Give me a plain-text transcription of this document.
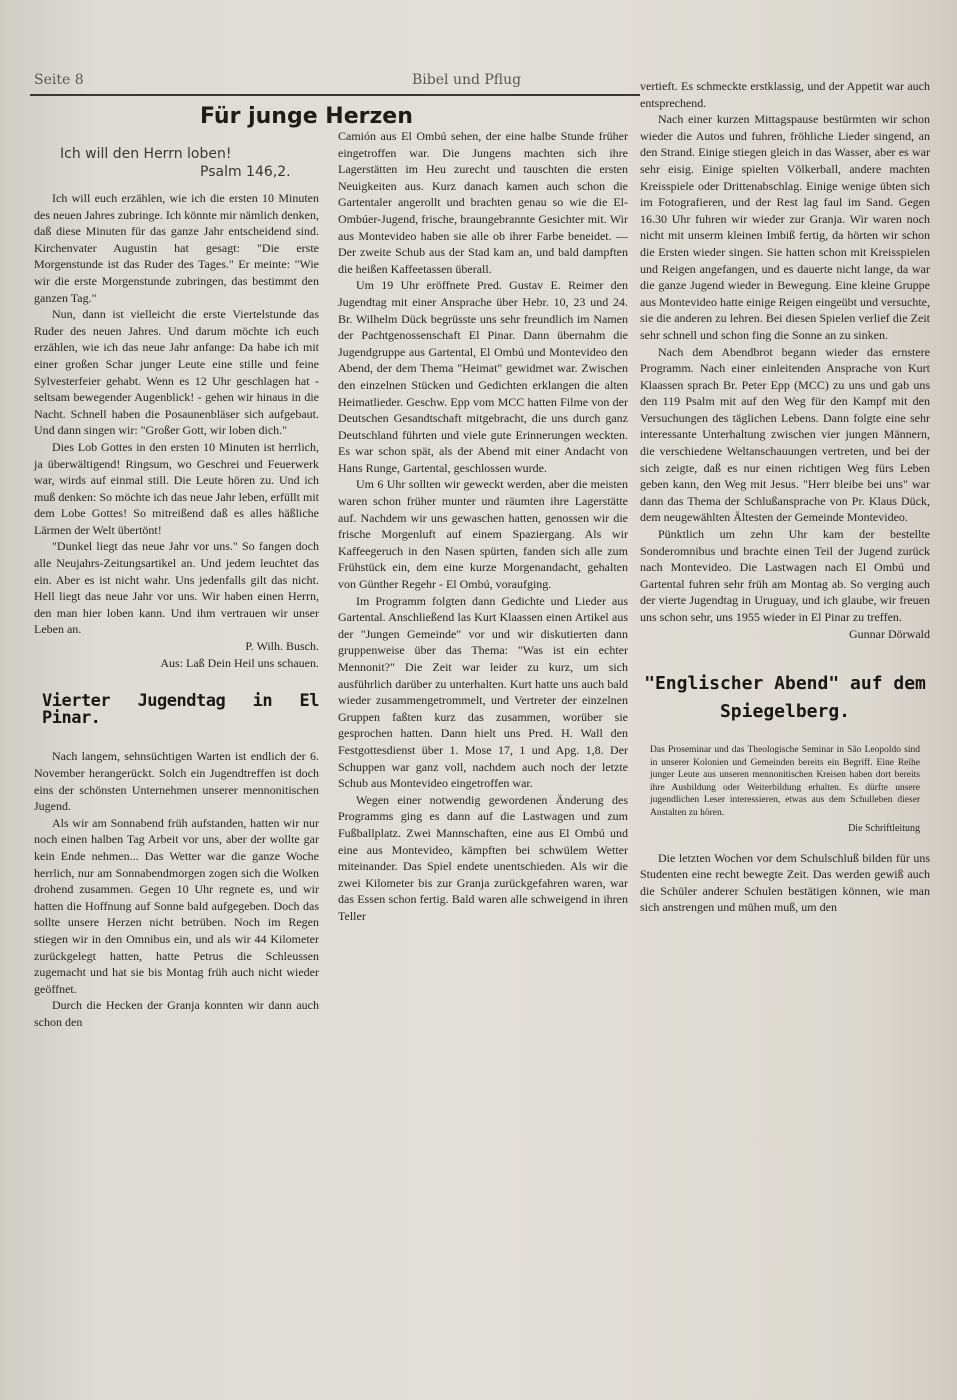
Seite 8	Bibel und Pflug
Für junge Herzen
Ich will den Herrn loben!
Psalm 146,2.

Ich will euch erzählen, wie ich die ersten 10 Minuten des neuen Jahres zubringe. Ich könnte mir nämlich denken, daß diese Minuten für das ganze Jahr entscheidend sind. Kirchenvater Augustin hat gesagt: "Die erste Morgenstunde ist das Ruder des Tages." Er meinte: "Wie wir die erste Morgenstunde zubringen, das bestimmt den ganzen Tag."

Nun, dann ist vielleicht die erste Viertelstunde das Ruder des neuen Jahres. Und darum möchte ich euch erzählen, wie ich das neue Jahr anfange: Da habe ich mit einer großen Schar junger Leute eine stille und feine Sylvesterfeier gehabt. Wenn es 12 Uhr geschlagen hat - seltsam bewegender Augenblick! - gehen wir hinaus in die Nacht. Schnell haben die Posaunenbläser sich aufgebaut. Und dann singen wir: "Großer Gott, wir loben dich."

Dies Lob Gottes in den ersten 10 Minuten ist herrlich, ja überwältigend! Ringsum, wo Geschrei und Feuerwerk war, wirds auf einmal still. Die Leute hören zu. Und ich muß denken: So möchte ich das neue Jahr leben, erfüllt mit dem Lobe Gottes! So mitreißend daß es alles häßliche Lärmen der Welt übertönt!

"Dunkel liegt das neue Jahr vor uns." So fangen doch alle Neujahrs-Zeitungsartikel an. Und jedem leuchtet das ein. Aber es ist nicht wahr. Uns jedenfalls gilt das nicht. Hell liegt das neue Jahr vor uns. Wir haben einen Herrn, den man hier loben kann. Und ihm vertrauen wir unser Leben an.

P. Wilh. Busch.
Aus: Laß Dein Heil uns schauen.
Vierter Jugendtag in El Pinar.

Nach langem, sehnsüchtigen Warten ist endlich der 6. November herangerückt. Solch ein Jugendtreffen ist doch eins der schönsten Unternehmen unserer mennonitischen Jugend.

Als wir am Sonnabend früh aufstanden, hatten wir nur noch einen halben Tag Arbeit vor uns, aber der wollte gar kein Ende nehmen... Das Wetter war die ganze Woche herrlich, nur am Sonnabendmorgen zogen sich die Wolken drohend zusammen. Gegen 10 Uhr regnete es, und wir hatten die Hoffnung auf Sonne bald aufgegeben. Doch das sollte unsere Herzen nicht betrüben. Noch im Regen stiegen wir in den Omnibus ein, und als wir 44 Kilometer zurückgelegt hatten, hatte Petrus die Schleussen zugemacht und hat sie bis Montag früh auch nicht wieder geöffnet.

Durch die Hecken der Granja konnten wir dann auch schon den

Camión aus El Ombú sehen, der eine halbe Stunde früher eingetroffen war. Die Jungens machten sich ihre Lagerstätten im Heu zurecht und tauschten die ersten Neuigkeiten aus. Kurz danach kamen auch schon die Gartentaler angerollt und brachten genau so wie die El-Ombúer-Jugend, frische, braungebrannte Gesichter mit. Wir aus Montevideo haben sie alle ob ihrer Farbe beneidet. — Der zweite Schub aus der Stad kam an, und bald dampften die heißen Kaffeetassen überall.

Um 19 Uhr eröffnete Pred. Gustav E. Reimer den Jugendtag mit einer Ansprache über Hebr. 10, 23 und 24. Br. Wilhelm Dück begrüsste uns sehr freundlich im Namen der Pachtgenossenschaft El Pinar. Dann übernahm die Jugendgruppe aus Gartental, El Ombú und Montevideo den Abend, der dem Thema "Heimat" gewidmet war. Zwischen den einzelnen Stücken und Gedichten erklangen die alten Heimatlieder. Geschw. Epp vom MCC hatten Filme von der Deutschen Gesandtschaft mitgebracht, die uns durch ganz Deutschland führten und viele gute Erinnerungen weckten. Es war schon spät, als der Abend mit einer Andacht von Hans Runge, Gartental, geschlossen wurde.

Um 6 Uhr sollten wir geweckt werden, aber die meisten waren schon früher munter und räumten ihre Lagerstätte auf. Nachdem wir uns gewaschen hatten, genossen wir die frische Morgenluft auf einem Spaziergang. Als wir Kaffeegeruch in den Nasen spürten, fanden sich alle zum Frühstück ein, dem eine kurze Morgenandacht, gehalten von Günther Regehr - El Ombú, voraufging.

Im Programm folgten dann Gedichte und Lieder aus Gartental. Anschließend las Kurt Klaassen einen Artikel aus der "Jungen Gemeinde" vor und wir diskutierten dann gruppenweise über das Thema: "Was ist ein echter Mennonit?" Die Zeit war leider zu kurz, um sich ausführlich darüber zu unterhalten. Kurt hatte uns auch bald wieder zusammengetrommelt, und Vertreter der einzelnen Gruppen faßten kurz das zusammen, worüber sie gesprochen hatten. Dann hielt uns Pred. H. Wall den Festgottesdienst über 1. Mose 17, 1 und Apg. 1,8. Der Schuppen war ganz voll, nachdem auch noch der letzte Schub aus Montevideo eingetroffen war.

Wegen einer notwendig gewordenen Änderung des Programms ging es dann auf die Lastwagen und zum Fußballplatz. Zwei Mannschaften, eine aus El Ombú und eine aus Montevideo, kämpften bei schwülem Wetter miteinander. Das Spiel endete unentschieden. Als wir die zwei Kilometer bis zur Granja zurückgefahren waren, war das Essen schon fertig. Bald waren alle schweigend in ihren Teller

vertieft. Es schmeckte erstklassig, und der Appetit war auch entsprechend.

Nach einer kurzen Mittagspause bestürmten wir schon wieder die Autos und fuhren, fröhliche Lieder singend, an den Strand. Einige stiegen gleich in das Wasser, aber es war sehr eisig. Einige spielten Völkerball, andere machten Kreisspiele oder Drittenabschlag. Einige wenige übten sich im Fotografieren, und der Rest lag faul im Sand. Gegen 16.30 Uhr fuhren wir wieder zur Granja. Wir waren noch nicht mit unserm kleinen Imbiß fertig, da hörten wir schon die Ersten wieder singen. Sie hatten schon mit Kreisspielen und Reigen angefangen, und es dauerte nicht lange, da war die ganze Jugend wieder in Bewegung. Eine kleine Gruppe aus Montevideo hatte einige Reigen eingeübt und versuchte, sie die anderen zu lehren. Bei diesen Spielen verlief die Zeit sehr schnell und schon fing die Sonne an zu sinken.

Nach dem Abendbrot begann wieder das ernstere Programm. Nach einer einleitenden Ansprache von Kurt Klaassen sprach Br. Peter Epp (MCC) zu uns und gab uns den 119 Psalm mit auf den Weg für den Kampf mit den Versuchungen des täglichen Lebens. Dann folgte eine sehr interessante Unterhaltung zwischen vier jungen Männern, die verschiedene Weltanschauungen vertreten, und bei der sich zeigte, daß es nur einen richtigen Weg fürs Leben geben kann, den Weg mit Jesus. "Herr bleibe bei uns" war dann das Thema der Schlußansprache von Pr. Klaus Dück, dem neugewählten Ältesten der Gemeinde Montevideo.

Pünktlich um zehn Uhr kam der bestellte Sonderomnibus und brachte einen Teil der Jugend zurück nach Montevideo. Die Lastwagen nach El Ombú und Gartental fuhren sehr früh am Montag ab. So verging auch der vierte Jugendtag in Uruguay, und ich glaube, wir freuen uns schon sehr, uns 1955 wieder in El Pinar zu treffen.

Gunnar Dörwald
"Englischer Abend" auf dem
Spiegelberg.
Das Proseminar und das Theologische Seminar in São Leopoldo sind in unserer Kolonien und Gemeinden bereits ein Begriff. Eine Reihe junger Leute aus unseren mennonitischen Kreisen haben dort bereits ihre Ausbildung oder Weiterbildung erhalten. Es dürfte unsere jugendlichen Leser interessieren, etwas aus dem Schulleben dieser Anstalten zu hören.
Die Schriftleitung

Die letzten Wochen vor dem Schulschluß bilden für uns Studenten eine recht bewegte Zeit. Das werden gewiß auch die Schüler anderer Schulen bestätigen können, wie man sich anstrengen und mühen muß, um den
